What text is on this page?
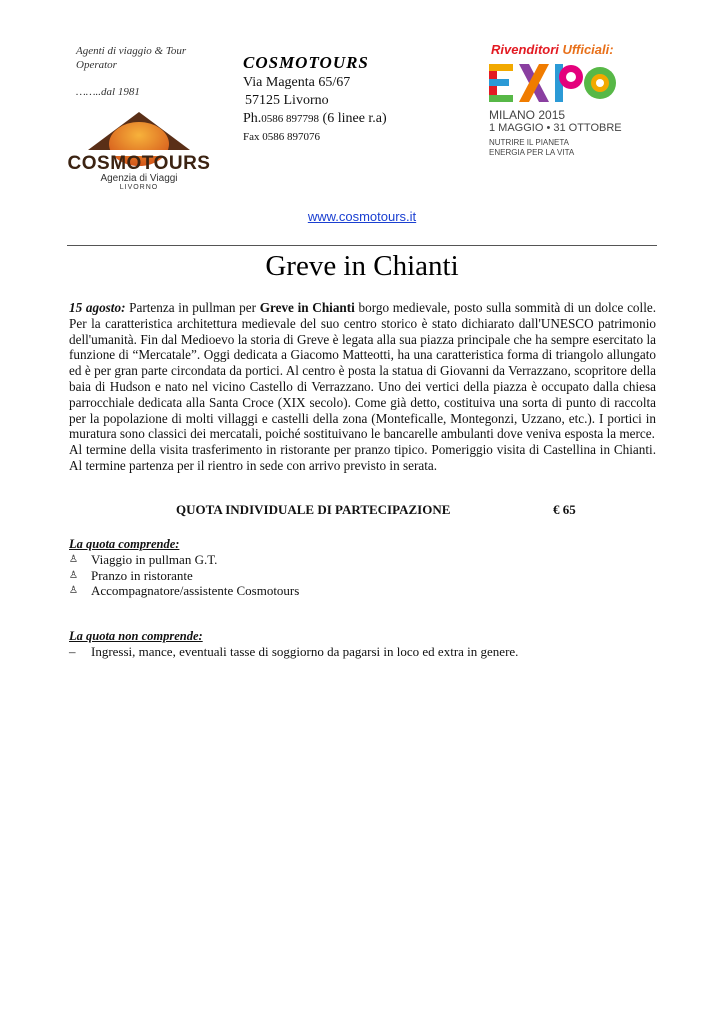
Agenti di viaggio & Tour Operator
……..dal 1981
COSMOTOURS
Agenzia di Viaggi
LIVORNO
COSMOTOURS
Via Magenta 65/67
57125 Livorno
Ph.0586 897798 (6 linee r.a)
Fax 0586 897076
Rivenditori Ufficiali:
MILANO 2015
1 MAGGIO • 31 OTTOBRE
NUTRIRE IL PIANETA
ENERGIA PER LA VITA
www.cosmotours.it
Greve in Chianti

15 agosto: Partenza in pullman per Greve in Chianti borgo medievale, posto sulla sommità di un dolce colle. Per la caratteristica architettura medievale del suo centro storico è stato dichiarato dall'UNESCO patrimonio dell'umanità. Fin dal Medioevo la storia di Greve è legata alla sua piazza principale che ha sempre esercitato la funzione di “Mercatale”. Oggi dedicata a Giacomo Matteotti, ha una caratteristica forma di triangolo allungato ed è per gran parte circondata da portici. Al centro è posta la statua di Giovanni da Verrazzano, scopritore della baia di Hudson e nato nel vicino Castello di Verrazzano. Uno dei vertici della piazza è occupato dalla chiesa parrocchiale dedicata alla Santa Croce (XIX secolo). Come già detto, costituiva una sorta di punto di raccolta per la popolazione di molti villaggi e castelli della zona (Monteficalle, Montegonzi, Uzzano, etc.). I portici in muratura sono classici dei mercatali, poiché sostituivano le bancarelle ambulanti dove veniva esposta la merce.

Al termine della visita trasferimento in ristorante per pranzo tipico. Pomeriggio visita di Castellina in Chianti. Al termine partenza per il rientro in sede con arrivo previsto in serata.

QUOTA INDIVIDUALE DI PARTECIPAZIONE	€ 65
La quota comprende:
♙ Viaggio in pullman G.T.
♙ Pranzo in ristorante
♙ Accompagnatore/assistente Cosmotours
La quota non comprende:
– Ingressi, mance, eventuali tasse di soggiorno da pagarsi in loco ed extra in genere.
